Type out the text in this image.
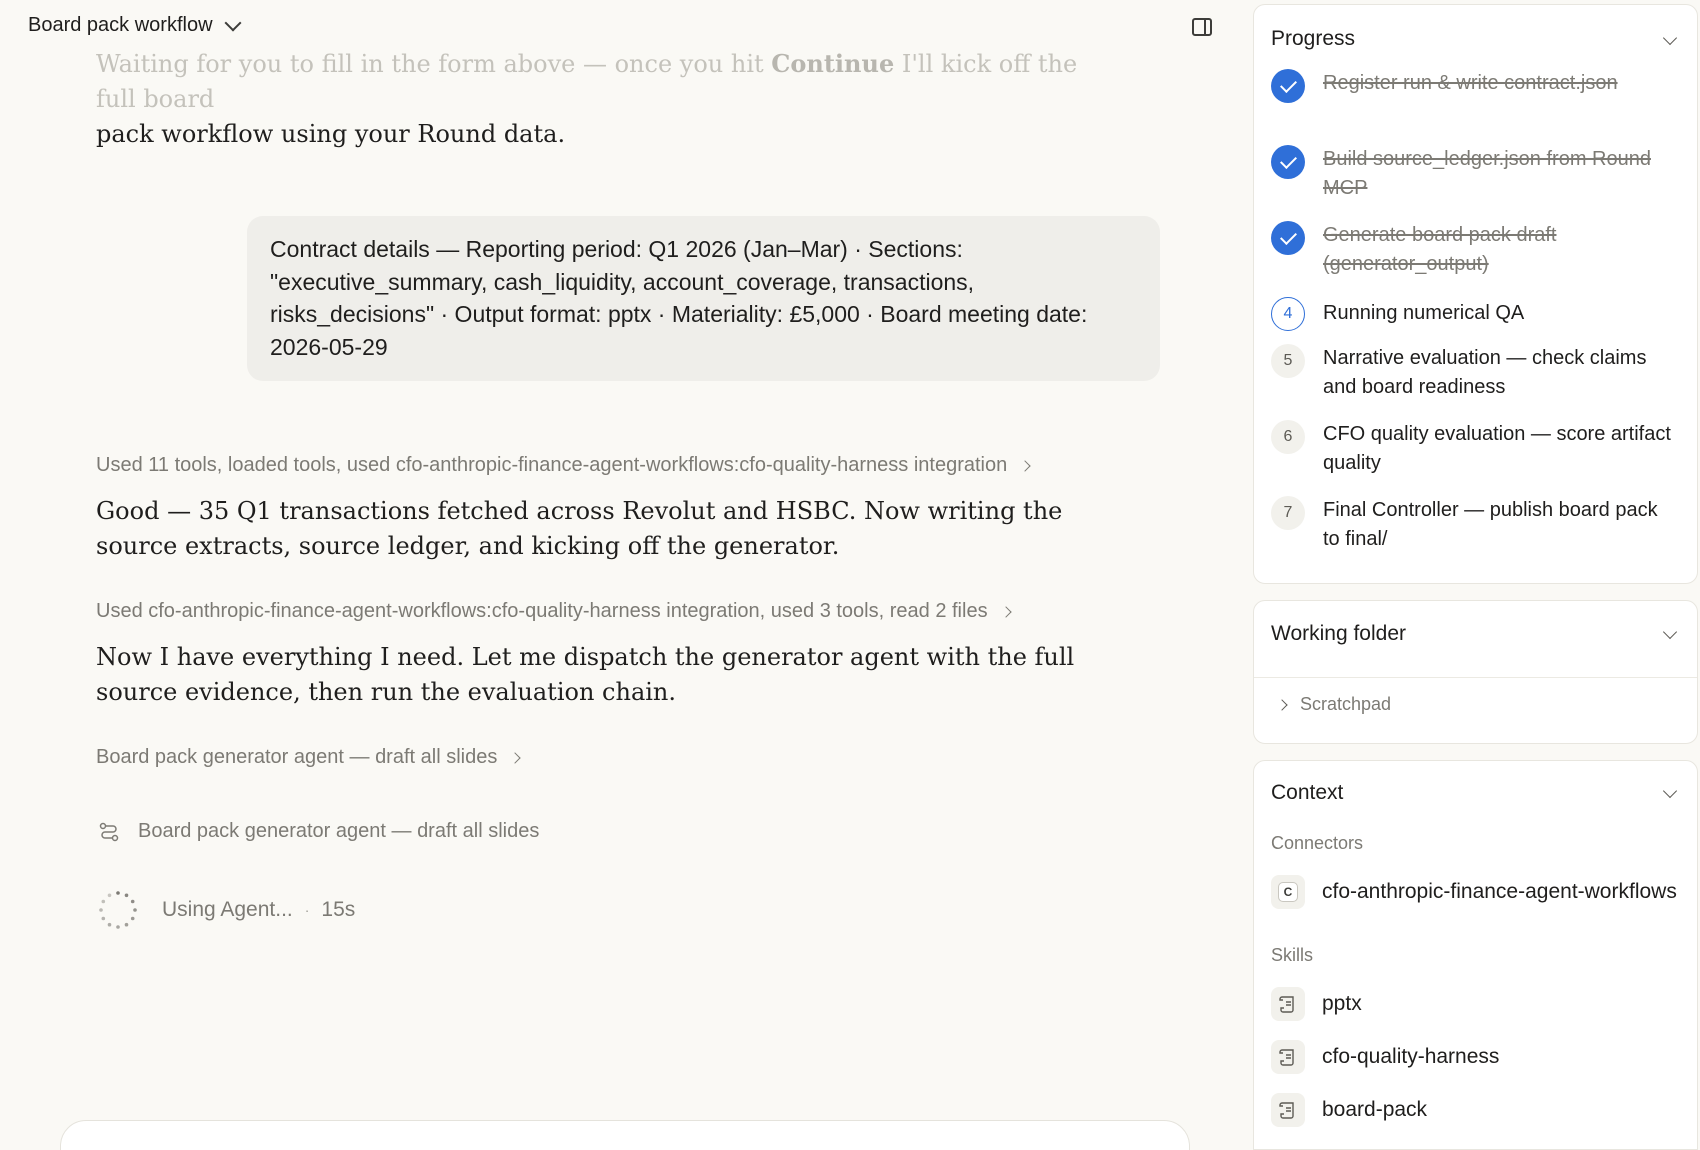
Waiting for you to fill in the form above — once you hit Continue I'll kick off the full board
pack workflow using your Round data.
Contract details — Reporting period: Q1 2026 (Jan–Mar) · Sections: "executive_summary, cash_liquidity, account_coverage, transactions, risks_decisions" · Output format: pptx · Materiality: £5,000 · Board meeting date: 2026-05-29
Used 11 tools, loaded tools, used cfo-anthropic-finance-agent-workflows:cfo-quality-harness integration
Good — 35 Q1 transactions fetched across Revolut and HSBC. Now writing the source extracts, source ledger, and kicking off the generator.
Used cfo-anthropic-finance-agent-workflows:cfo-quality-harness integration, used 3 tools, read 2 files
Now I have everything I need. Let me dispatch the generator agent with the full source evidence, then run the evaluation chain.
Board pack generator agent — draft all slides
Board pack generator agent — draft all slides
Using Agent... · 15s
Board pack workflow
Progress
Register run & write contract.json
Build source_ledger.json from Round MCP
Generate board pack draft (generator_output)
4	Running numerical QA
5	Narrative evaluation — check claims and board readiness
6	CFO quality evaluation — score artifact quality
7	Final Controller — publish board pack to final/
Working folder
Scratchpad
Context
Connectors
C cfo-anthropic-finance-agent-workflows
Skills
pptx
cfo-quality-harness
board-pack
